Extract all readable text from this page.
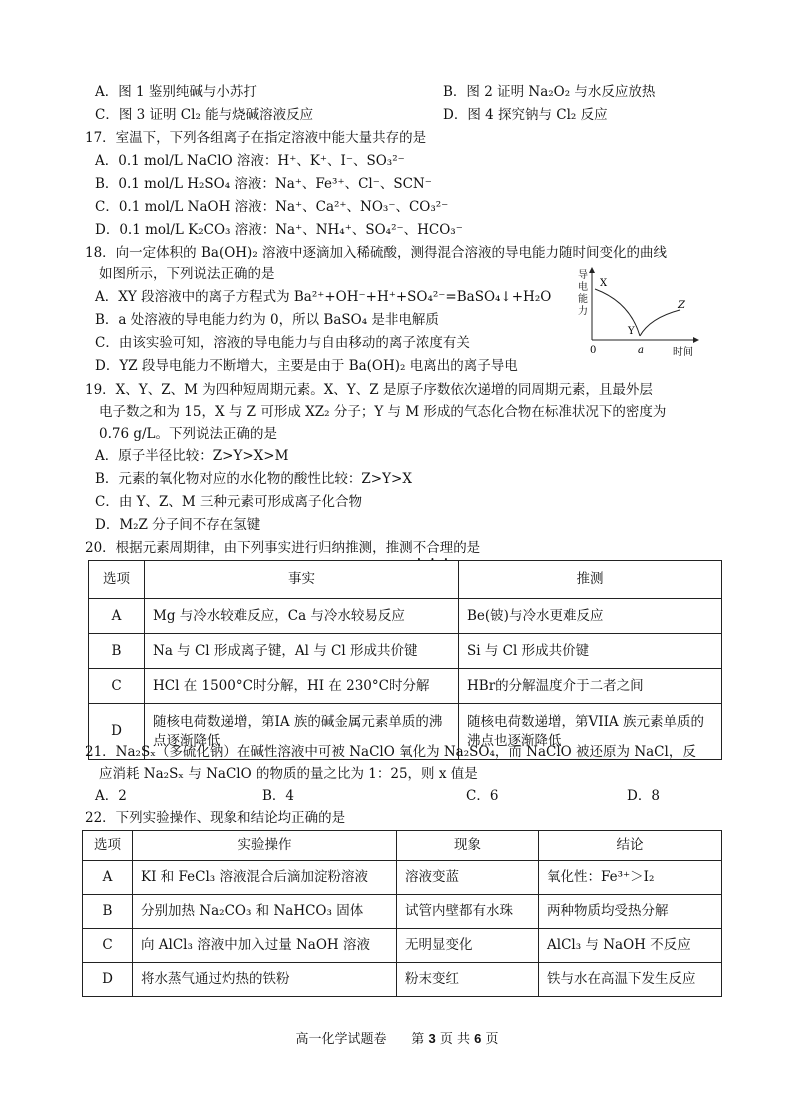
A．图 1 鉴别纯碱与小苏打	B．图 2 证明 Na₂O₂ 与水反应放热
C．图 3 证明 Cl₂ 能与烧碱溶液反应	D．图 4 探究钠与 Cl₂ 反应
17．室温下，下列各组离子在指定溶液中能大量共存的是
A．0.1 mol/L NaClO 溶液：H⁺、K⁺、I⁻、SO₃²⁻
B．0.1 mol/L H₂SO₄ 溶液：Na⁺、Fe³⁺、Cl⁻、SCN⁻
C．0.1 mol/L NaOH 溶液：Na⁺、Ca²⁺、NO₃⁻、CO₃²⁻
D．0.1 mol/L K₂CO₃ 溶液：Na⁺、NH₄⁺、SO₄²⁻、HCO₃⁻
18．向一定体积的 Ba(OH)₂ 溶液中逐滴加入稀硫酸，测得混合溶液的导电能力随时间变化的曲线
如图所示，下列说法正确的是
A．XY 段溶液中的离子方程式为 Ba²⁺+OH⁻+H⁺+SO₄²⁻=BaSO₄↓+H₂O
B．a 处溶液的导电能力约为 0，所以 BaSO₄ 是非电解质
C．由该实验可知，溶液的导电能力与自由移动的离子浓度有关
D．YZ 段导电能力不断增大，主要是由于 Ba(OH)₂ 电离出的离子导电
导
电
能
力
X
Y
Z
0	a	时间
19．X、Y、Z、M 为四种短周期元素。X、Y、Z 是原子序数依次递增的同周期元素，且最外层
电子数之和为 15，X 与 Z 可形成 XZ₂ 分子；Y 与 M 形成的气态化合物在标准状况下的密度为
0.76 g/L。下列说法正确的是
A．原子半径比较：Z>Y>X>M
B．元素的氧化物对应的水化物的酸性比较：Z>Y>X
C．由 Y、Z、M 三种元素可形成离子化合物
D．M₂Z 分子间不存在氢键
20．根据元素周期律，由下列事实进行归纳推测，推测不合理的是
选项	事实	推测
A	Mg 与冷水较难反应，Ca 与冷水较易反应	Be(铍)与冷水更难反应
B	Na 与 Cl 形成离子键，Al 与 Cl 形成共价键	Si 与 Cl 形成共价键
C	HCl 在 1500°C时分解，HI 在 230°C时分解	HBr的分解温度介于二者之间
D	随核电荷数递增，第IA 族的碱金属元素单质的沸点逐渐降低	随核电荷数递增，第VIIA 族元素单质的沸点也逐渐降低
21．Na₂Sₓ（多硫化钠）在碱性溶液中可被 NaClO 氧化为 Na₂SO₄，而 NaClO 被还原为 NaCl，反
应消耗 Na₂Sₓ 与 NaClO 的物质的量之比为 1：25，则 x 值是
A．2	B．4	C．6	D．8
22．下列实验操作、现象和结论均正确的是
选项	实验操作	现象	结论
A	KI 和 FeCl₃ 溶液混合后滴加淀粉溶液	溶液变蓝	氧化性：Fe³⁺＞I₂
B	分别加热 Na₂CO₃ 和 NaHCO₃ 固体	试管内壁都有水珠	两种物质均受热分解
C	向 AlCl₃ 溶液中加入过量 NaOH 溶液	无明显变化	AlCl₃ 与 NaOH 不反应
D	将水蒸气通过灼热的铁粉	粉末变红	铁与水在高温下发生反应
高一化学试题卷 第 3 页 共 6 页
